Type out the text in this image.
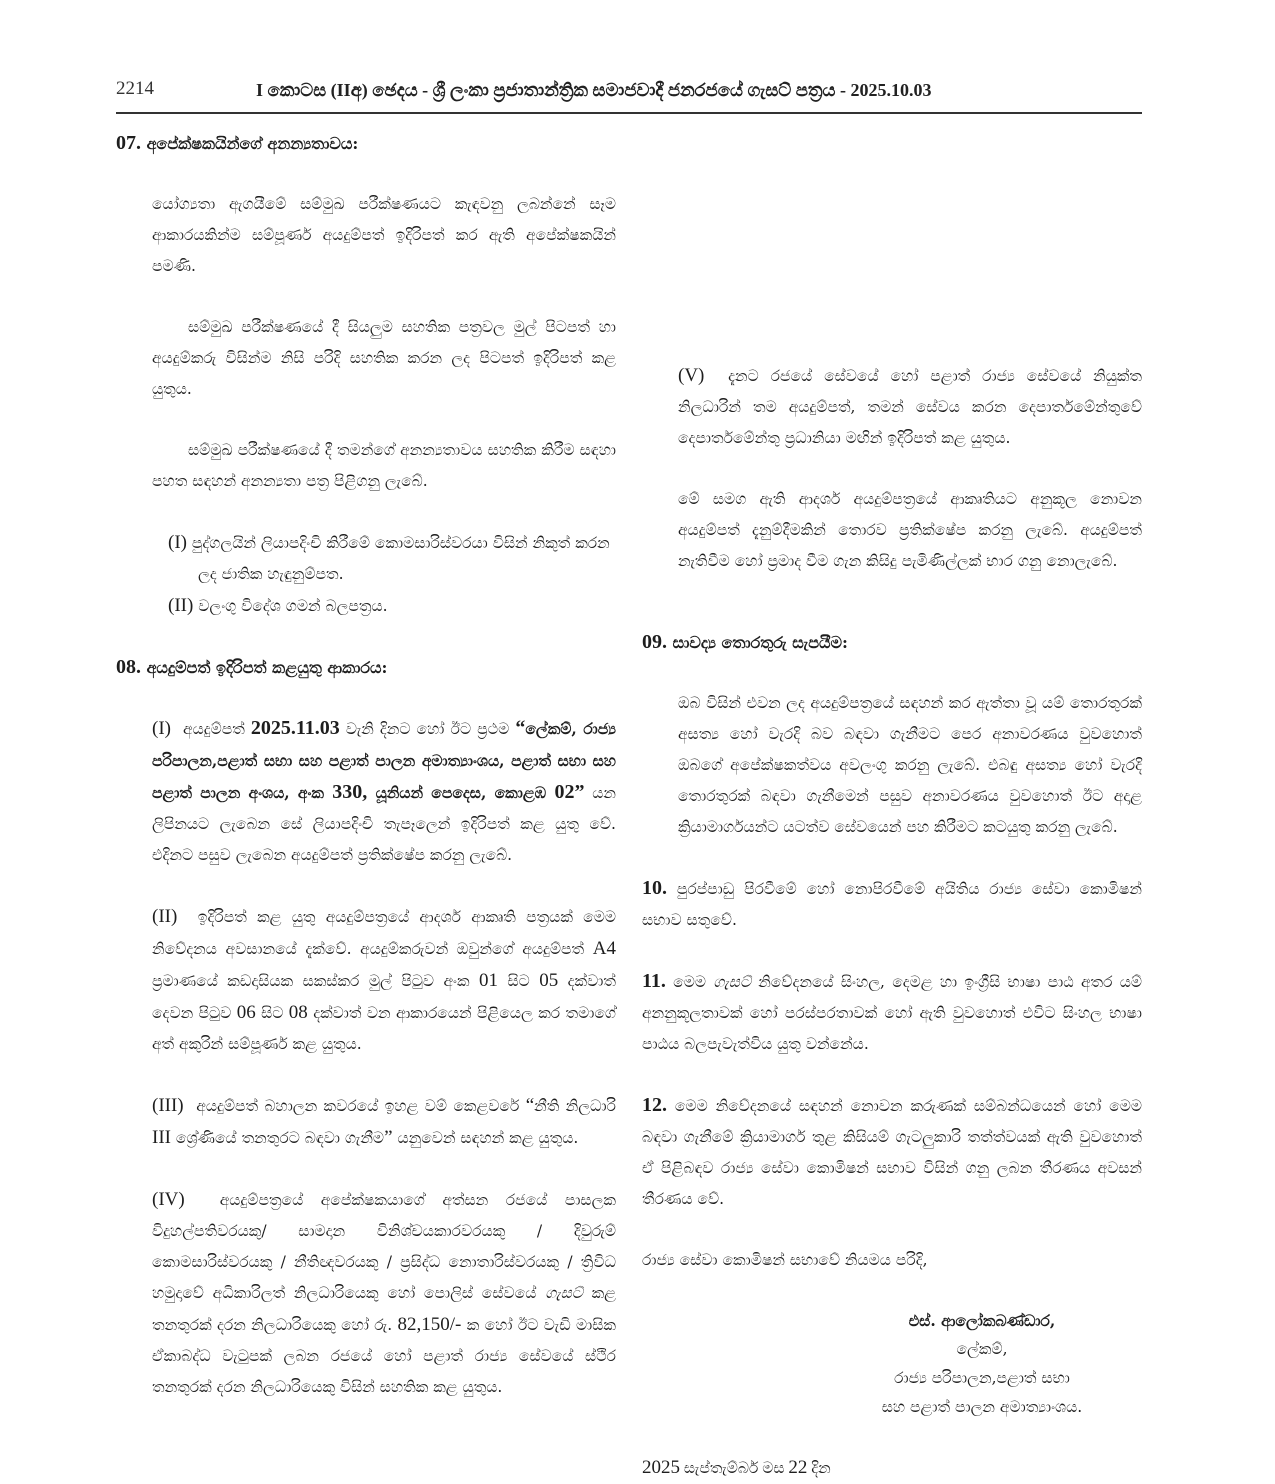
2214	I කොටස (IIඅ) ඡෙදය - ශ්‍රී ලංකා ප්‍රජාතාන්ත්‍රික සමාජවාදී ජනරජයේ ගැසට් පත්‍රය - 2025.10.03
07. අපේක්ෂකයින්ගේ අනන්‍යතාවය:

යෝග්‍යතා ඇගයීමේ සම්මුඛ පරීක්ෂණයට කැඳවනු ලබන්නේ සෑම ආකාරයකින්ම සම්පූර්ණ අයදුම්පත් ඉදිරිපත් කර ඇති අපේක්ෂකයින් පමණි.

සම්මුඛ පරීක්ෂණයේ දී සියලුම සහතික පත්‍රවල මුල් පිටපත් හා අයදුම්කරු විසින්ම නිසි පරිදි සහතික කරන ලද පිටපත් ඉදිරිපත් කළ යුතුය.

සම්මුඛ පරීක්ෂණයේ දී තමන්ගේ අනන්‍යතාවය සහතික කිරීම සඳහා පහත සඳහන් අනන්‍යතා පත්‍ර පිළිගනු ලැබේ.

(I) පුද්ගලයින් ලියාපදිංචි කිරීමේ කොමසාරිස්වරයා විසින් නිකුත් කරන ලද ජාතික හැඳුනුම්පත.
(II) වලංගු විදේශ ගමන් බලපත්‍රය.
08. අයදුම්පත් ඉදිරිපත් කළයුතු ආකාරය:

(I) අයදුම්පත් 2025.11.03 වැනි දිනට හෝ ඊට ප්‍රථම “ලේකම්, රාජ්‍ය පරිපාලන,පළාත් සභා සහ පළාත් පාලන අමාත්‍යාංශය, පළාත් සභා සහ පළාත් පාලන අංශය, අංක 330, යූනියන් පෙදෙස, කොළඹ 02” යන ලිපිනයට ලැබෙන සේ ලියාපදිංචි තැපෑලෙන් ඉදිරිපත් කළ යුතු වේ. එදිනට පසුව ලැබෙන අයදුම්පත් ප්‍රතික්ෂේප කරනු ලැබේ.

(II) ඉදිරිපත් කළ යුතු අයදුම්පත්‍රයේ ආදර්ශ ආකෘති පත්‍රයක් මෙම නිවේදනය අවසානයේ දැක්වේ. අයදුම්කරුවන් ඔවුන්ගේ අයදුම්පත් A4 ප්‍රමාණයේ කඩදාසියක සකස්කර මුල් පිටුව අංක 01 සිට 05 දක්වාත් දෙවන පිටුව 06 සිට 08 දක්වාත් වන ආකාරයෙන් පිළියෙල කර තමාගේ අත් අකුරින් සම්පූර්ණ කළ යුතුය.

(III) අයදුම්පත් බහාලන කවරයේ ඉහළ වම් කෙළවරේ “නීති නිලධාරි III ශ්‍රේණියේ තනතුරට බඳවා ගැනීම” යනුවෙන් සඳහන් කළ යුතුය.

(IV) අයදුම්පත්‍රයේ අපේක්ෂකයාගේ අත්සන රජයේ පාසලක විදුහල්පතිවරයකු/ සාමදාන විනිශ්චයකාරවරයකු / දිවුරුම් කොමසාරිස්වරයකු / නීතිඥවරයකු / ප්‍රසිද්ධ නොතාරිස්වරයකු / ත්‍රිවිධ හමුදාවේ අධිකාරිලත් නිලධාරියෙකු හෝ පොලිස් සේවයේ ගැසට් කළ තනතුරක් දරන නිලධාරියෙකු හෝ රු. 82,150/- ක හෝ ඊට වැඩි මාසික ඒකාබද්ධ වැටුපක් ලබන රජයේ හෝ පළාත් රාජ්‍ය සේවයේ ස්ථිර තනතුරක් දරන නිලධාරියෙකු විසින් සහතික කළ යුතුය.

(V) දැනට රජයේ සේවයේ හෝ පළාත් රාජ්‍ය සේවයේ නියුක්ත නිලධාරින් තම අයදුම්පත්, තමන් සේවය කරන දෙපාර්තමේන්තුවේ දෙපාර්තමේන්තු ප්‍රධානියා මඟින් ඉදිරිපත් කළ යුතුය.

මේ සමග ඇති ආදර්ශ අයදුම්පත්‍රයේ ආකෘතියට අනුකූල නොවන අයදුම්පත් දැනුම්දීමකින් තොරව ප්‍රතික්ෂේප කරනු ලැබේ. අයදුම්පත් නැතිවීම හෝ ප්‍රමාද වීම ගැන කිසිදු පැමිණිල්ලක් භාර ගනු නොලැබේ.

09. සාවද්‍ය තොරතුරු සැපයීම:

ඔබ විසින් එවන ලද අයදුම්පත්‍රයේ සඳහන් කර ඇත්තා වූ යම් තොරතුරක් අසත්‍ය හෝ වැරදි බව බඳවා ගැනීමට පෙර අනාවරණය වුවහොත් ඔබගේ අපේක්ෂකත්වය අවලංගු කරනු ලැබේ. එබඳු අසත්‍ය හෝ වැරදි තොරතුරක් බඳවා ගැනීමෙන් පසුව අනාවරණය වුවහොත් ඊට අදාළ ක්‍රියාමාර්ගයන්ට යටත්ව සේවයෙන් පහ කිරීමට කටයුතු කරනු ලැබේ.

10. පුරප්පාඩු පිරවීමේ හෝ නොපිරවීමේ අයිතිය රාජ්‍ය සේවා කොමිෂන් සභාව සතුවේ.

11. මෙම ගැසට් නිවේදනයේ සිංහල, දෙමළ හා ඉංග්‍රීසි භාෂා පාඨ අතර යම් අනනුකූලතාවක් හෝ පරස්පරතාවක් හෝ ඇති වුවහොත් එවිට සිංහල භාෂා පාඨය බලපැවැත්විය යුතු වන්නේය.

12. මෙම නිවේදනයේ සඳහන් නොවන කරුණක් සම්බන්ධයෙන් හෝ මෙම බඳවා ගැනීමේ ක්‍රියාමාර්ග තුළ කිසියම් ගැටලුකාරි තත්ත්වයක් ඇති වුවහොත් ඒ පිළිබඳව රාජ්‍ය සේවා කොමිෂන් සභාව විසින් ගනු ලබන තීරණය අවසන් තීරණය වේ.

රාජ්‍ය සේවා කොමිෂන් සභාවේ නියමය පරිදි,

එස්. ආලෝකබණ්ඩාර,
ලේකම්,
රාජ්‍ය පරිපාලන,පළාත් සභා
සහ පළාත් පාලන අමාත්‍යාංශය.
2025 සැප්තැම්බර් මස 22 දින
